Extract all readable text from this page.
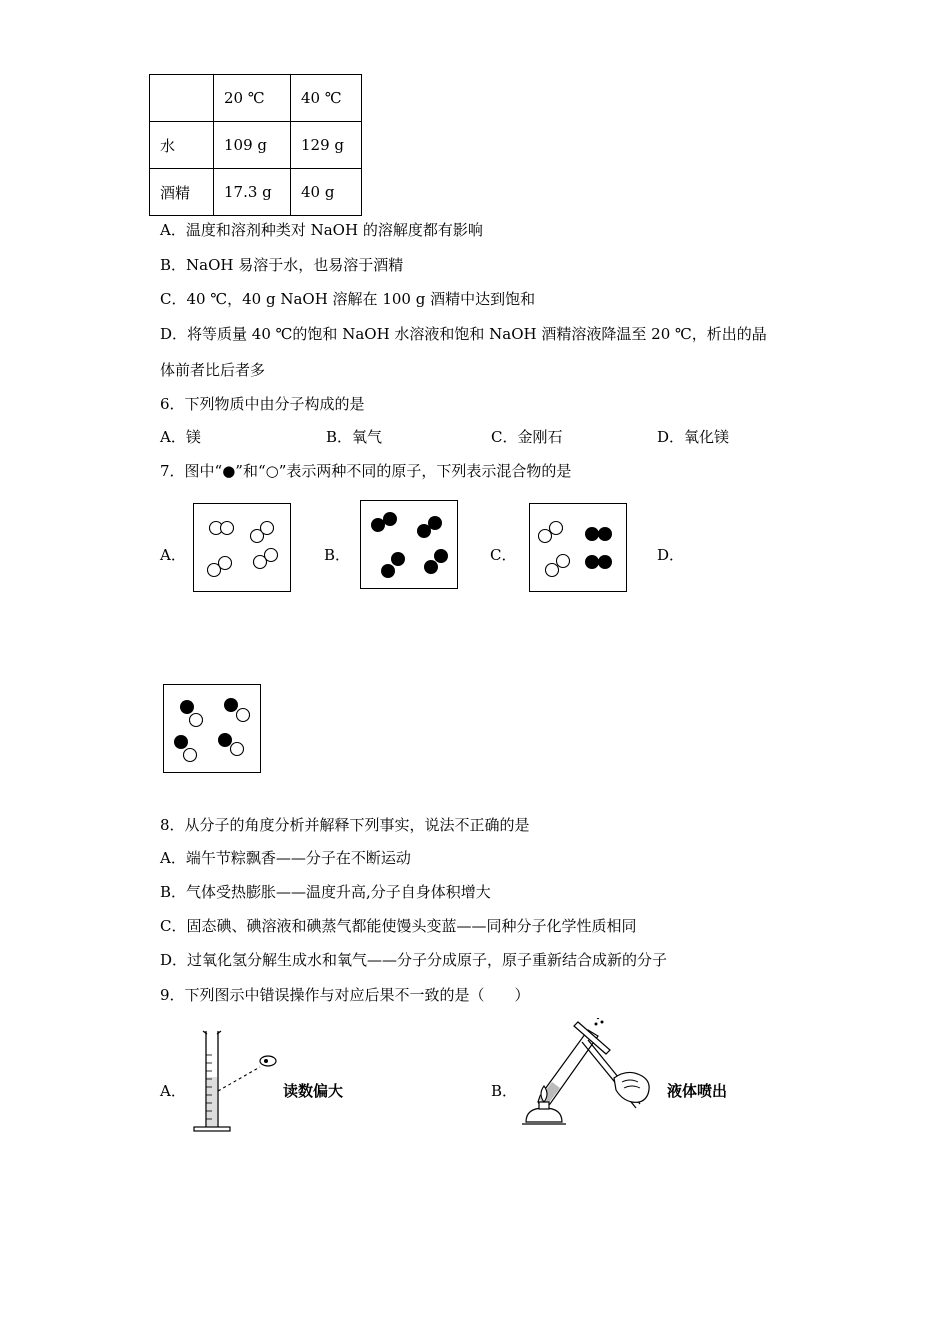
	20 ℃	40 ℃
水	109 g	129 g
酒精	17.3 g	40 g
A．温度和溶剂种类对 NaOH 的溶解度都有影响
B．NaOH 易溶于水，也易溶于酒精
C．40 ℃，40 g NaOH 溶解在 100 g 酒精中达到饱和
D．将等质量 40 ℃的饱和 NaOH 水溶液和饱和 NaOH 酒精溶液降温至 20 ℃，析出的晶
体前者比后者多
6．下列物质中由分子构成的是
A．镁	B．氧气	C．金刚石	D．氧化镁
7．图中“●”和“○”表示两种不同的原子，下列表示混合物的是
A．	B．	C．	D．
8．从分子的角度分析并解释下列事实，说法不正确的是
A．端午节粽飘香——分子在不断运动
B．气体受热膨胀——温度升高,分子自身体积增大
C．固态碘、碘溶液和碘蒸气都能使馒头变蓝——同种分子化学性质相同
D．过氧化氢分解生成水和氧气——分子分成原子，原子重新结合成新的分子
9．下列图示中错误操作与对应后果不一致的是（　　）
A．	读数偏大	B．	液体喷出
